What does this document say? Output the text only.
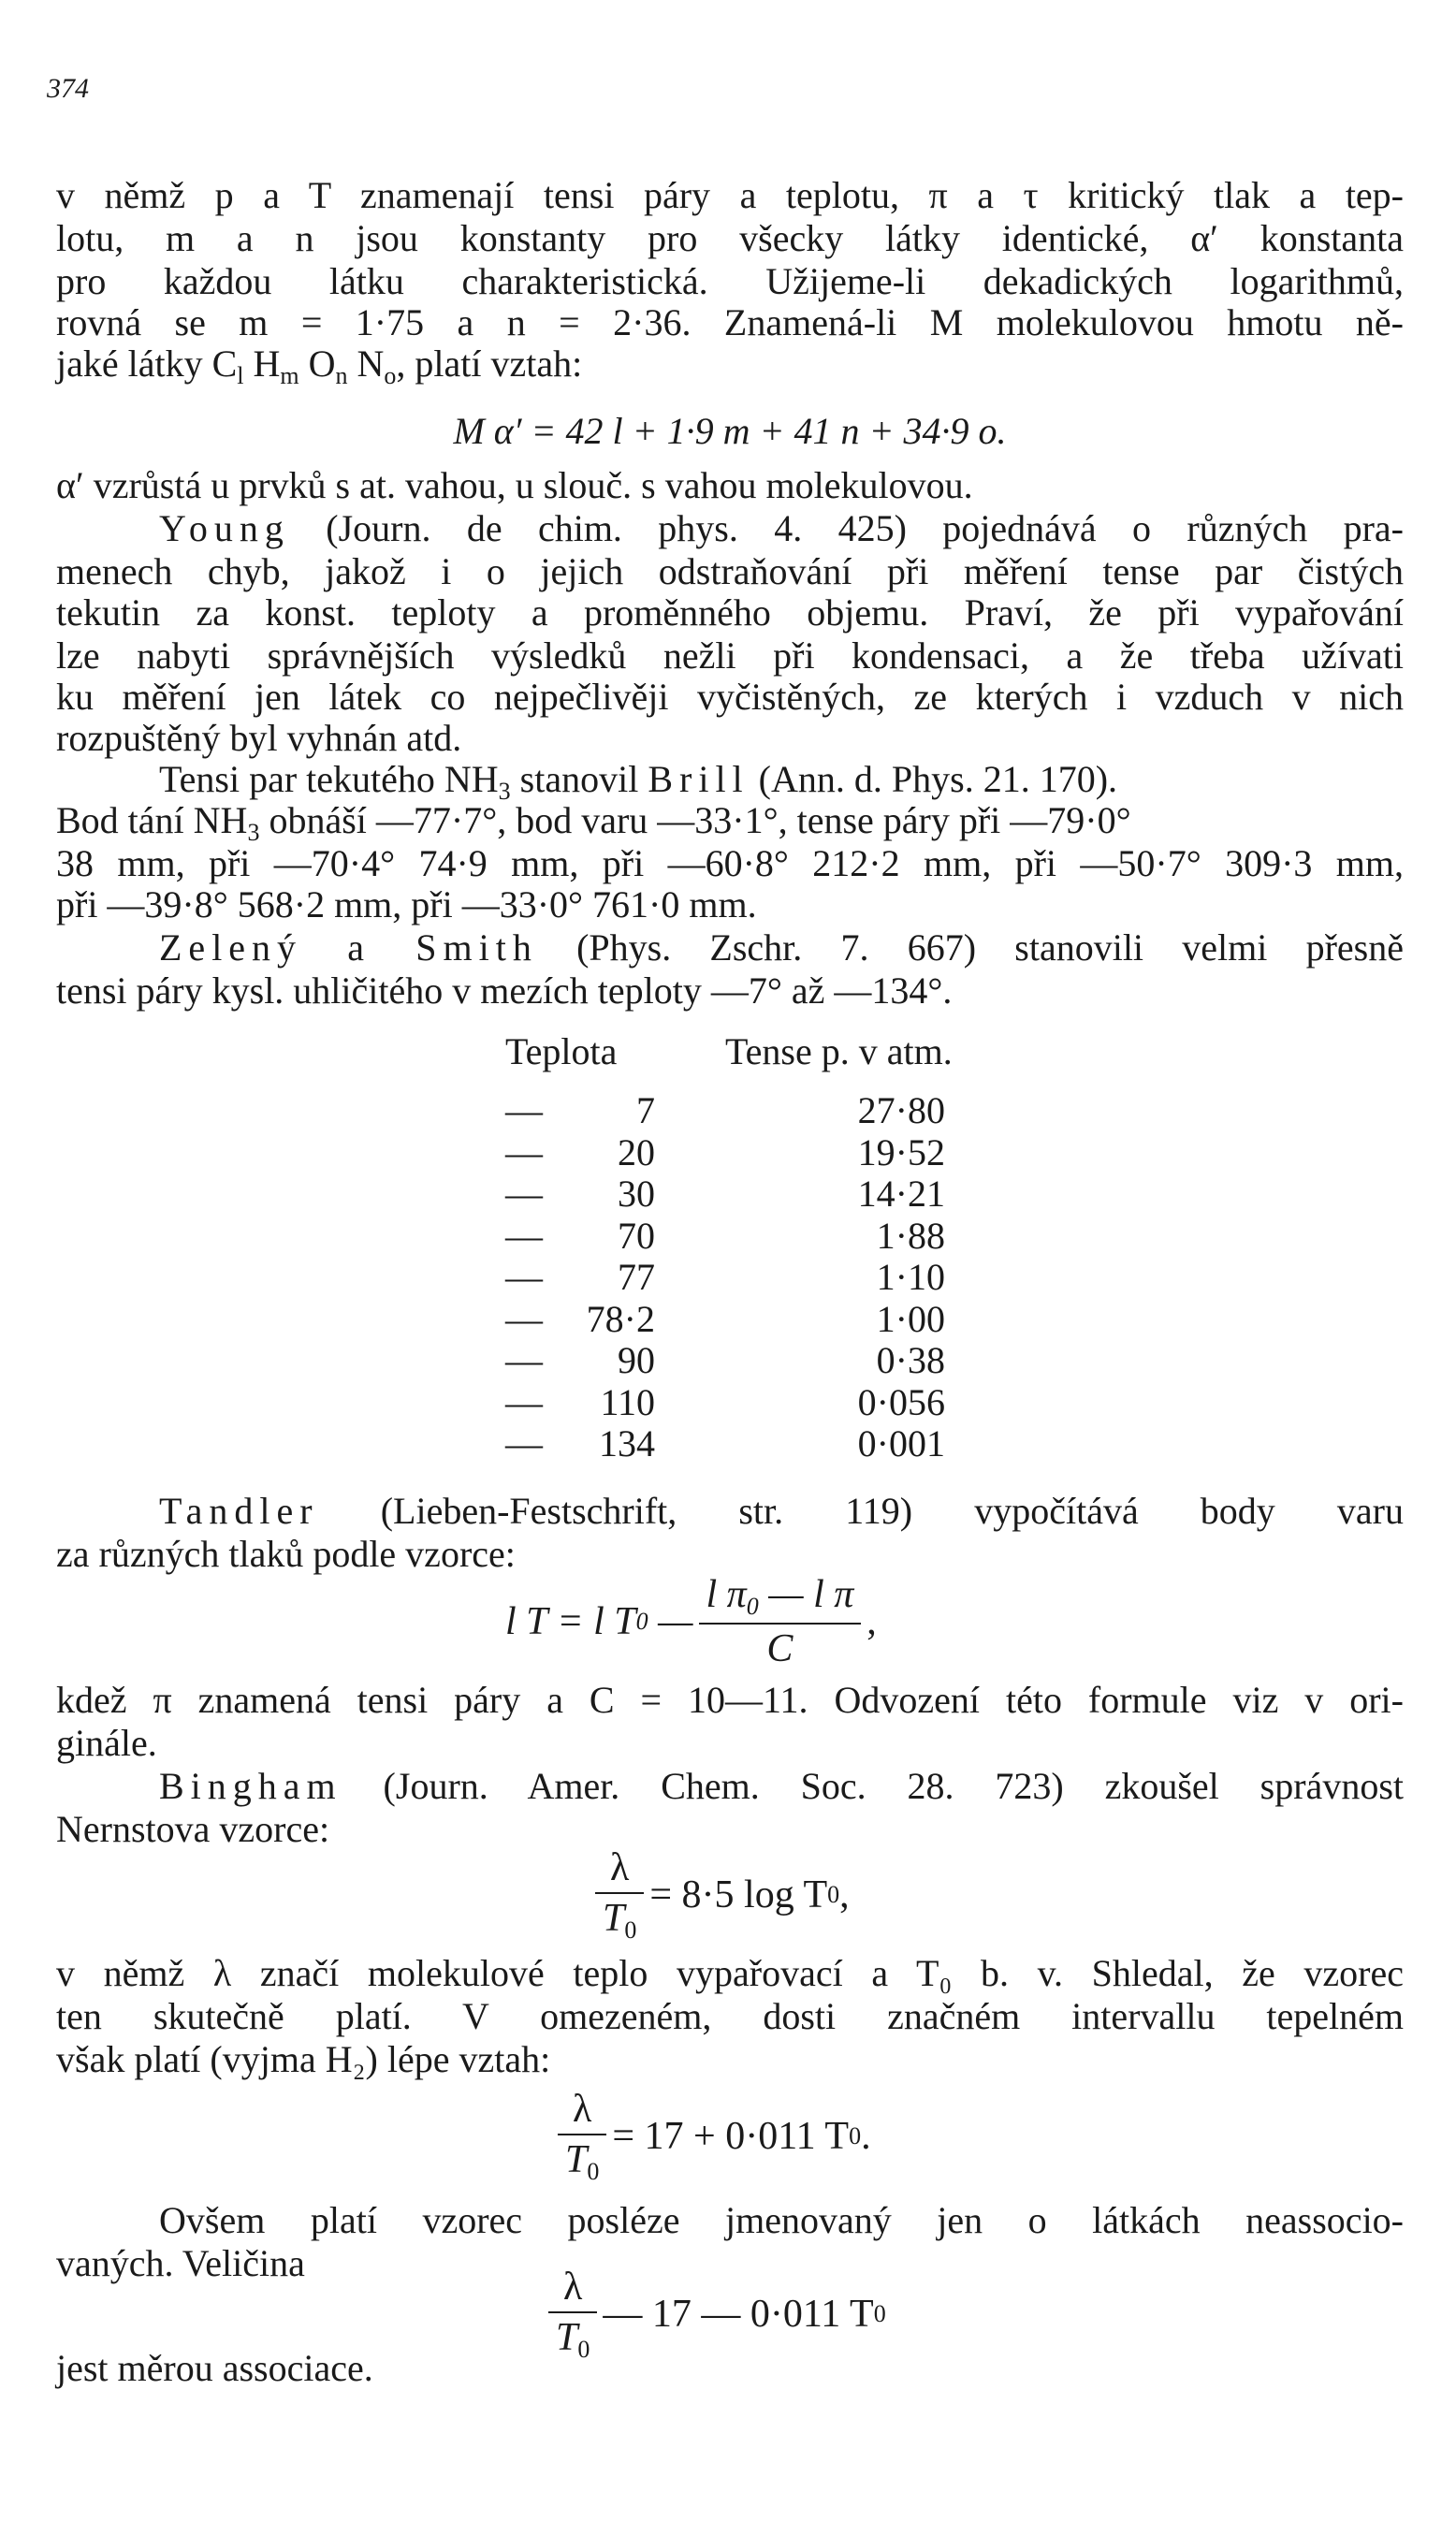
374
v němž p a T znamenají tensi páry a teplotu, π a τ kritický tlak a tep-
lotu, m a n jsou konstanty pro všecky látky identické, α′ konstanta
pro každou látku charakteristická. Užijeme-li dekadických logarithmů,
rovná se m = 1·75 a n = 2·36. Znamená-li M molekulovou hmotu ně-
jaké látky $C_l$ $H_m$ $O_n$ $N_o$, platí vztah:
M α′ = 42 l + 1·9 m + 41 n + 34·9 o.
α′ vzrůstá u prvků s at. vahou, u slouč. s vahou molekulovou.
Young (Journ. de chim. phys. 4. 425) pojednává o různých pra-
menech chyb, jakož i o jejich odstraňování při měření tense par čistých
tekutin za konst. teploty a proměnného objemu. Praví, že při vypařování
lze nabyti správnějších výsledků nežli při kondensaci, a že třeba užívati
ku měření jen látek co nejpečlivěji vyčistěných, ze kterých i vzduch v nich
rozpuštěný byl vyhnán atd.
Tensi par tekutého $NH_3$ stanovil Brill (Ann. d. Phys. 21. 170).
Bod tání $NH_3$ obnáší —77·7°, bod varu —33·1°, tense páry při —79·0°
38 mm, při —70·4° 74·9 mm, při —60·8° 212·2 mm, při —50·7° 309·3 mm,
při —39·8° 568·2 mm, při —33·0° 761·0 mm.
Zelený a Smith (Phys. Zschr. 7. 667) stanovili velmi přesně
tensi páry kysl. uhličitého v mezích teploty —7° až —134°.
Teplota	Tense p. v atm.
—	7
— 20
— 30
— 70
— 77
— 78·2
— 90
— 110
— 134
27·80
19·52
14·21
1·88
1·10
1·00
0·38
0·056
0·001
Tandler (Lieben-Festschrift, str. 119) vypočítává body varu
za různých tlaků podle vzorce:
l T = l T 0 — $\frac{l \pi_0 — l \pi}{C}$ ,
kdež π znamená tensi páry a C = 10—11. Odvození této formule viz v ori-
ginále.
Bingham (Journ. Amer. Chem. Soc. 28. 723) zkoušel správnost
Nernstova vzorce:
$\frac{\lambda}{T_0} = 8\cdot 5$ log T 0 ,
v němž λ značí molekulové teplo vypařovací a T₀ b. v. Shledal, že vzorec
ten skutečně platí. V omezeném, dosti značném intervallu tepelném
však platí (vyjma H₂) lépe vztah:
$\frac{\lambda}{T_0} = 17 + 0\cdot 011$ T 0 .
Ovšem platí vzorec posléze jmenovaný jen o látkách neassocio-
vaných. Veličina
$\frac{\lambda}{T_0}$ — 17 — 0·011 T 0
jest měrou associace.
